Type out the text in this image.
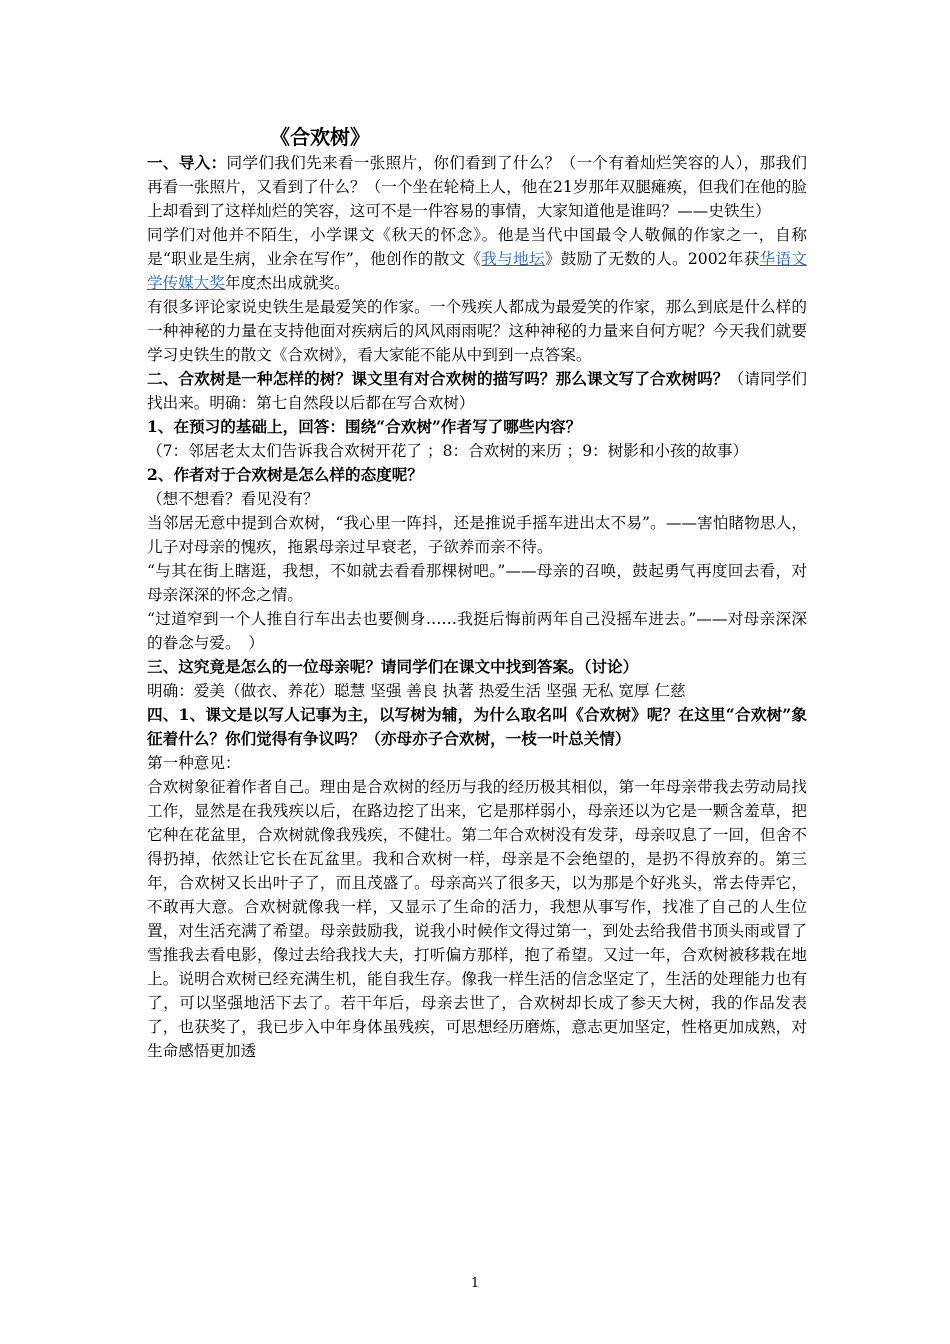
《合欢树》

一、导入：同学们我们先来看一张照片，你们看到了什么？（一个有着灿烂笑容的人），那我们再看一张照片，又看到了什么？（一个坐在轮椅上人，他在21岁那年双腿瘫痪，但我们在他的脸上却看到了这样灿烂的笑容，这可不是一件容易的事情，大家知道他是谁吗？——史铁生）

同学们对他并不陌生，小学课文《秋天的怀念》。他是当代中国最令人敬佩的作家之一，自称是“职业是生病，业余在写作”，他创作的散文《我与地坛》鼓励了无数的人。2002年获华语文学传媒大奖年度杰出成就奖。

有很多评论家说史铁生是最爱笑的作家。一个残疾人都成为最爱笑的作家，那么到底是什么样的一种神秘的力量在支持他面对疾病后的风风雨雨呢？这种神秘的力量来自何方呢？今天我们就要学习史铁生的散文《合欢树》，看大家能不能从中到到一点答案。

二、合欢树是一种怎样的树？课文里有对合欢树的描写吗？那么课文写了合欢树吗？（请同学们找出来。明确：第七自然段以后都在写合欢树）

1、在预习的基础上，回答：围绕“合欢树”作者写了哪些内容？

（7：邻居老太太们告诉我合欢树开花了 ；8：合欢树的来历 ；9：树影和小孩的故事）

2、作者对于合欢树是怎么样的态度呢？

（想不想看？看见没有？

当邻居无意中提到合欢树，“我心里一阵抖，还是推说手摇车进出太不易”。——害怕睹物思人，儿子对母亲的愧疚，拖累母亲过早衰老，子欲养而亲不待。

“与其在街上瞎逛，我想，不如就去看看那棵树吧。”——母亲的召唤，鼓起勇气再度回去看，对母亲深深的怀念之情。

“过道窄到一个人推自行车出去也要侧身……我挺后悔前两年自己没摇车进去。”——对母亲深深的眷念与爱。　）

三、这究竟是怎么的一位母亲呢？请同学们在课文中找到答案。（讨论）

明确：爱美（做衣、养花）聪慧 坚强 善良 执著 热爱生活 坚强 无私 宽厚 仁慈

四、1、课文是以写人记事为主，以写树为辅，为什么取名叫《合欢树》呢？在这里“合欢树”象征着什么？你们觉得有争议吗？（亦母亦子合欢树，一枝一叶总关情）

第一种意见：

合欢树象征着作者自己。理由是合欢树的经历与我的经历极其相似，第一年母亲带我去劳动局找工作，显然是在我残疾以后，在路边挖了出来，它是那样弱小，母亲还以为它是一颗含羞草，把它种在花盆里，合欢树就像我残疾，不健壮。第二年合欢树没有发芽，母亲叹息了一回，但舍不得扔掉，依然让它长在瓦盆里。我和合欢树一样，母亲是不会绝望的，是扔不得放弃的。第三年，合欢树又长出叶子了，而且茂盛了。母亲高兴了很多天，以为那是个好兆头，常去侍弄它，不敢再大意。合欢树就像我一样，又显示了生命的活力，我想从事写作，找准了自己的人生位置，对生活充满了希望。母亲鼓励我，说我小时候作文得过第一，到处去给我借书顶头雨或冒了雪推我去看电影，像过去给我找大夫，打听偏方那样，抱了希望。又过一年，合欢树被移栽在地上。说明合欢树已经充满生机，能自我生存。像我一样生活的信念坚定了，生活的处理能力也有了，可以坚强地活下去了。若干年后，母亲去世了，合欢树却长成了参天大树，我的作品发表了，也获奖了，我已步入中年身体虽残疾，可思想经历磨炼，意志更加坚定，性格更加成熟，对生命感悟更加透

1
